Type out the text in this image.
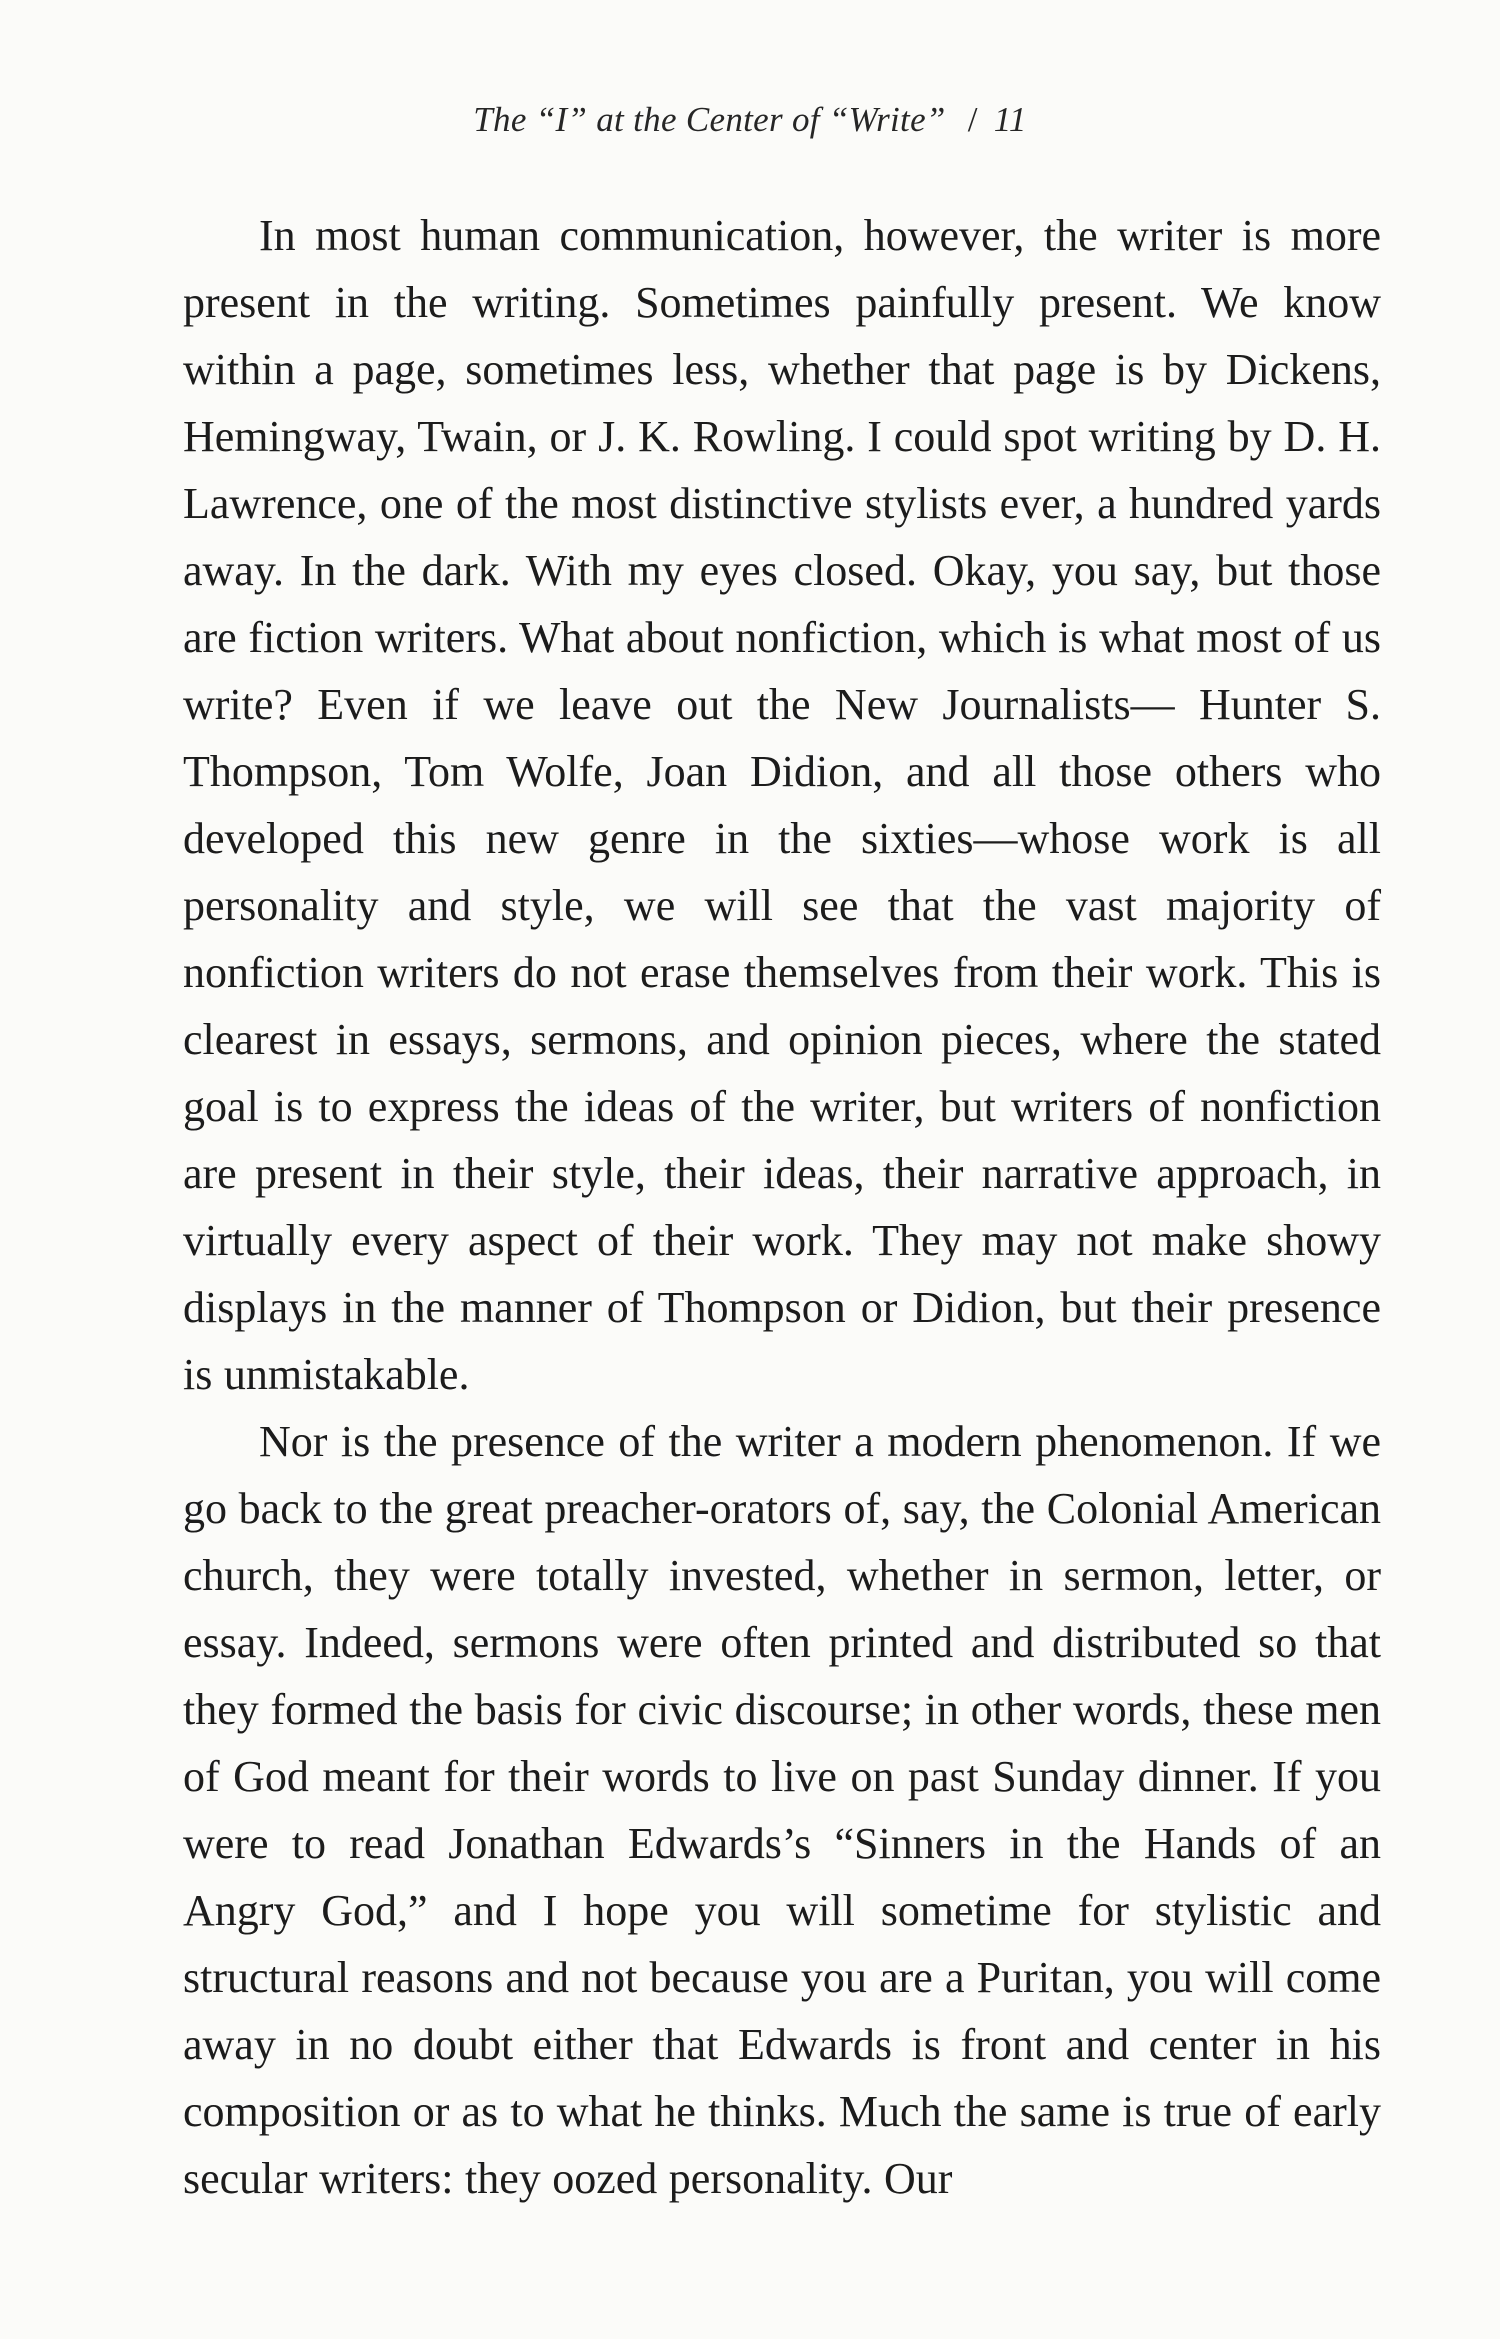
The “I” at the Center of “Write” / 11

In most human communication, however, the writer is more present in the writing. Sometimes painfully present. We know within a page, sometimes less, whether that page is by Dickens, Hemingway, Twain, or J. K. Rowling. I could spot writing by D. H. Lawrence, one of the most distinctive stylists ever, a hundred yards away. In the dark. With my eyes closed. Okay, you say, but those are fiction writers. What about nonfiction, which is what most of us write? Even if we leave out the New Journalists— Hunter S. Thompson, Tom Wolfe, Joan Didion, and all those others who developed this new genre in the sixties—whose work is all personality and style, we will see that the vast majority of nonfiction writers do not erase themselves from their work. This is clearest in essays, sermons, and opinion pieces, where the stated goal is to express the ideas of the writer, but writers of nonfiction are present in their style, their ideas, their narrative approach, in virtually every aspect of their work. They may not make showy displays in the manner of Thompson or Didion, but their presence is unmistakable.

Nor is the presence of the writer a modern phenomenon. If we go back to the great preacher-orators of, say, the Colonial American church, they were totally invested, whether in sermon, letter, or essay. Indeed, sermons were often printed and distributed so that they formed the basis for civic discourse; in other words, these men of God meant for their words to live on past Sunday dinner. If you were to read Jonathan Edwards’s “Sinners in the Hands of an Angry God,” and I hope you will sometime for stylistic and structural reasons and not because you are a Puritan, you will come away in no doubt either that Edwards is front and center in his composition or as to what he thinks. Much the same is true of early secular writers: they oozed personality. Our
